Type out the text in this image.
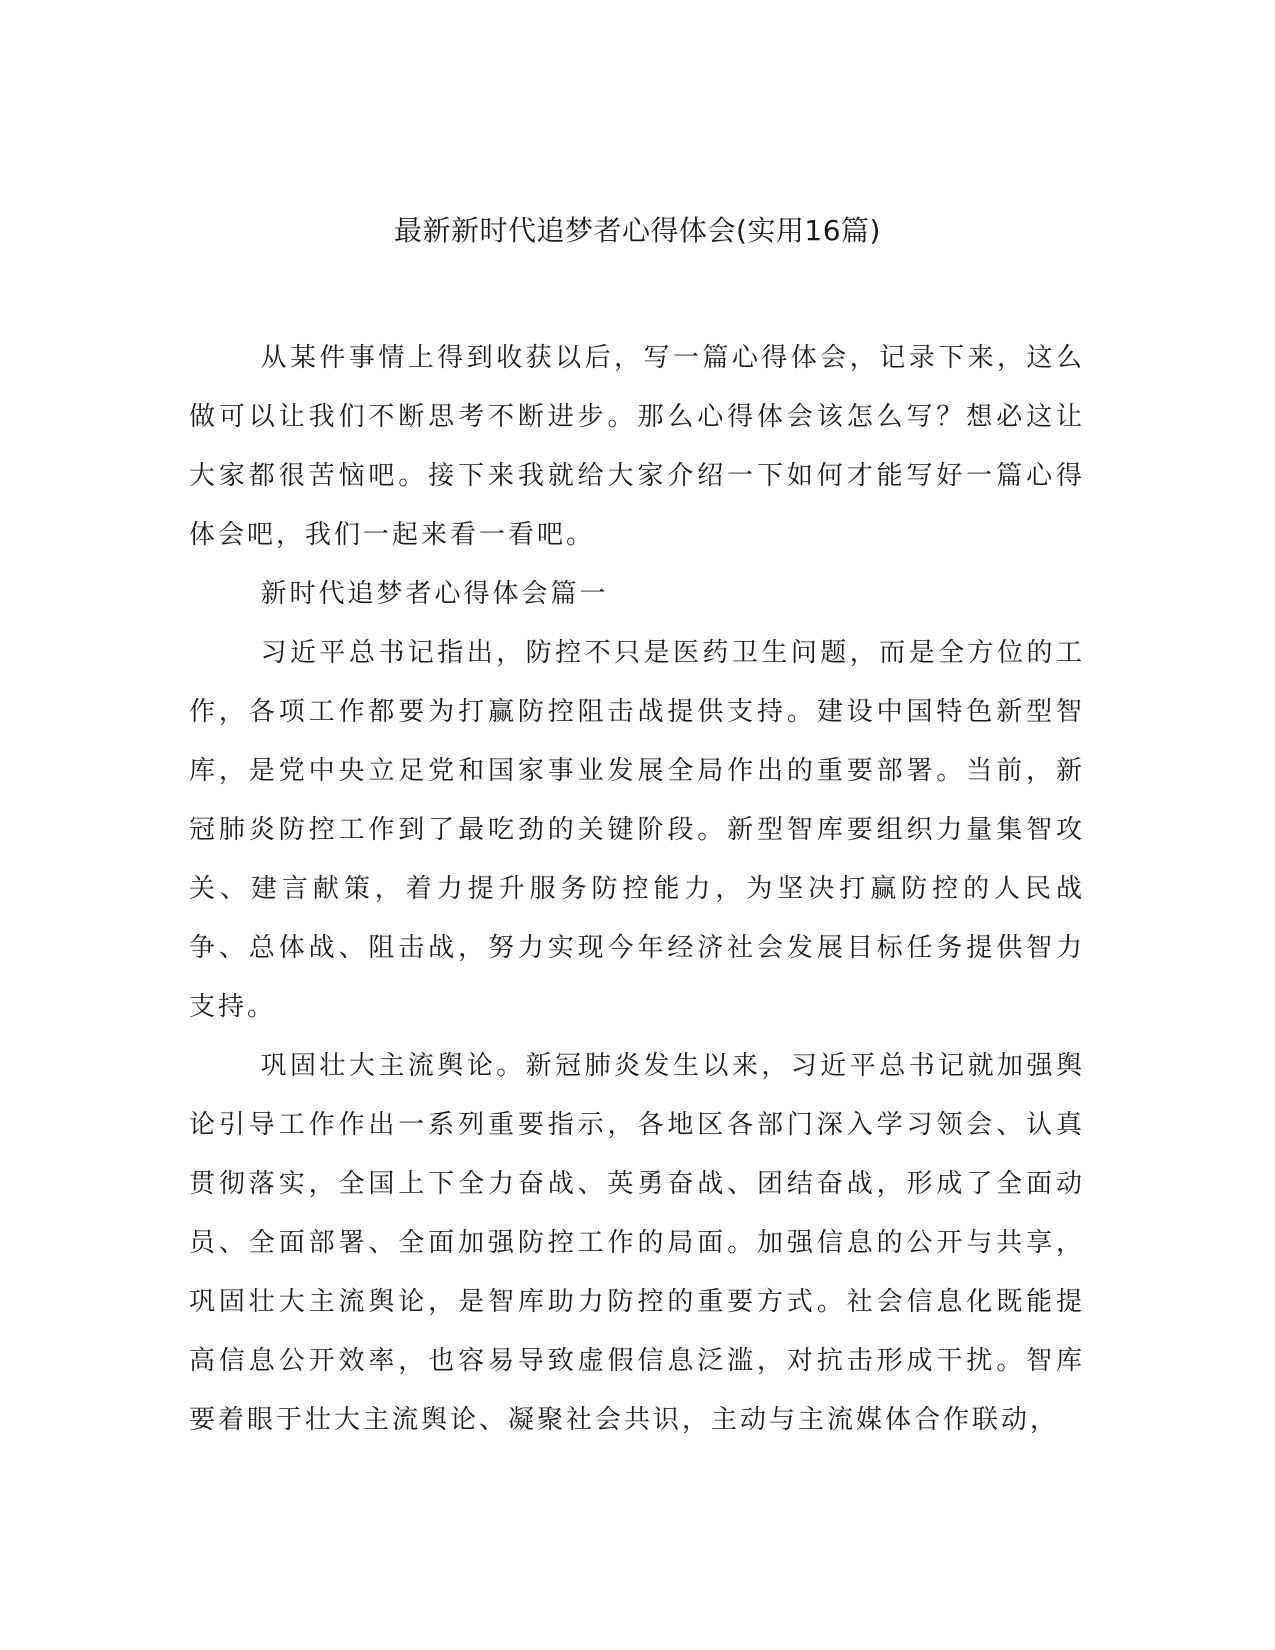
最新新时代追梦者心得体会(实用16篇)

从某件事情上得到收获以后，写一篇心得体会，记录下来，这么做可以让我们不断思考不断进步。那么心得体会该怎么写？想必这让大家都很苦恼吧。接下来我就给大家介绍一下如何才能写好一篇心得体会吧，我们一起来看一看吧。

新时代追梦者心得体会篇一

习近平总书记指出，防控不只是医药卫生问题，而是全方位的工作，各项工作都要为打赢防控阻击战提供支持。建设中国特色新型智库，是党中央立足党和国家事业发展全局作出的重要部署。当前，新冠肺炎防控工作到了最吃劲的关键阶段。新型智库要组织力量集智攻关、建言献策，着力提升服务防控能力，为坚决打赢防控的人民战争、总体战、阻击战，努力实现今年经济社会发展目标任务提供智力支持。

巩固壮大主流舆论。新冠肺炎发生以来，习近平总书记就加强舆论引导工作作出一系列重要指示，各地区各部门深入学习领会、认真贯彻落实，全国上下全力奋战、英勇奋战、团结奋战，形成了全面动员、全面部署、全面加强防控工作的局面。加强信息的公开与共享，巩固壮大主流舆论，是智库助力防控的重要方式。社会信息化既能提高信息公开效率，也容易导致虚假信息泛滥，对抗击形成干扰。智库要着眼于壮大主流舆论、凝聚社会共识，主动与主流媒体合作联动，
